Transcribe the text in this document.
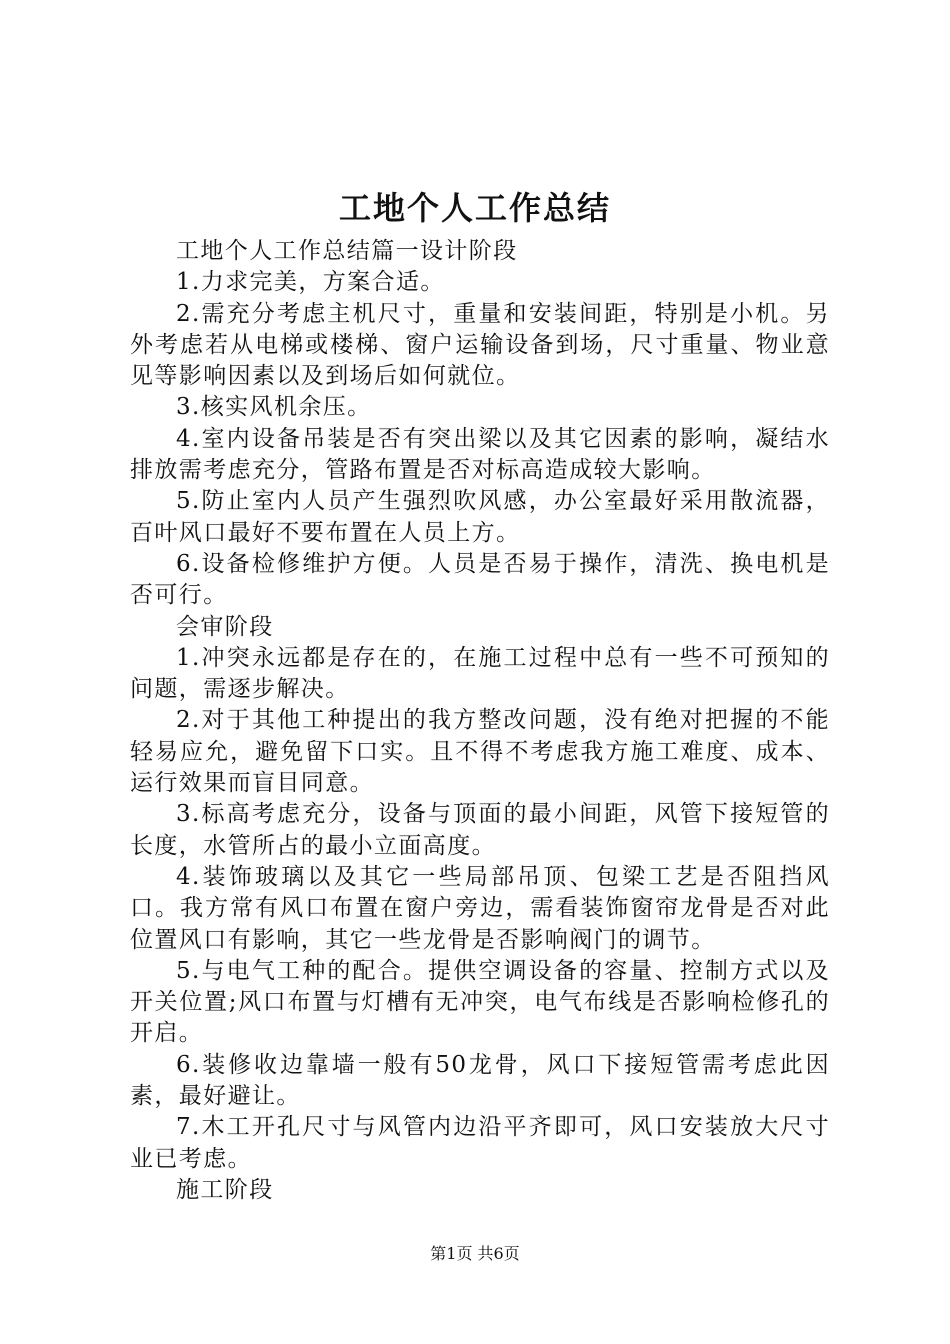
工地个人工作总结

工地个人工作总结篇一设计阶段

1.力求完美，方案合适。

2.需充分考虑主机尺寸，重量和安装间距，特别是小机。另外考虑若从电梯或楼梯、窗户运输设备到场，尺寸重量、物业意见等影响因素以及到场后如何就位。

3.核实风机余压。

4.室内设备吊装是否有突出梁以及其它因素的影响，凝结水排放需考虑充分，管路布置是否对标高造成较大影响。

5.防止室内人员产生强烈吹风感，办公室最好采用散流器，百叶风口最好不要布置在人员上方。

6.设备检修维护方便。人员是否易于操作，清洗、换电机是否可行。

会审阶段

1.冲突永远都是存在的，在施工过程中总有一些不可预知的问题，需逐步解决。

2.对于其他工种提出的我方整改问题，没有绝对把握的不能轻易应允，避免留下口实。且不得不考虑我方施工难度、成本、运行效果而盲目同意。

3.标高考虑充分，设备与顶面的最小间距，风管下接短管的长度，水管所占的最小立面高度。

4.装饰玻璃以及其它一些局部吊顶、包梁工艺是否阻挡风口。我方常有风口布置在窗户旁边，需看装饰窗帘龙骨是否对此位置风口有影响，其它一些龙骨是否影响阀门的调节。

5.与电气工种的配合。提供空调设备的容量、控制方式以及开关位置;风口布置与灯槽有无冲突，电气布线是否影响检修孔的开启。

6.装修收边靠墙一般有50龙骨，风口下接短管需考虑此因素，最好避让。

7.木工开孔尺寸与风管内边沿平齐即可，风口安装放大尺寸业已考虑。

施工阶段

第1页 共6页
